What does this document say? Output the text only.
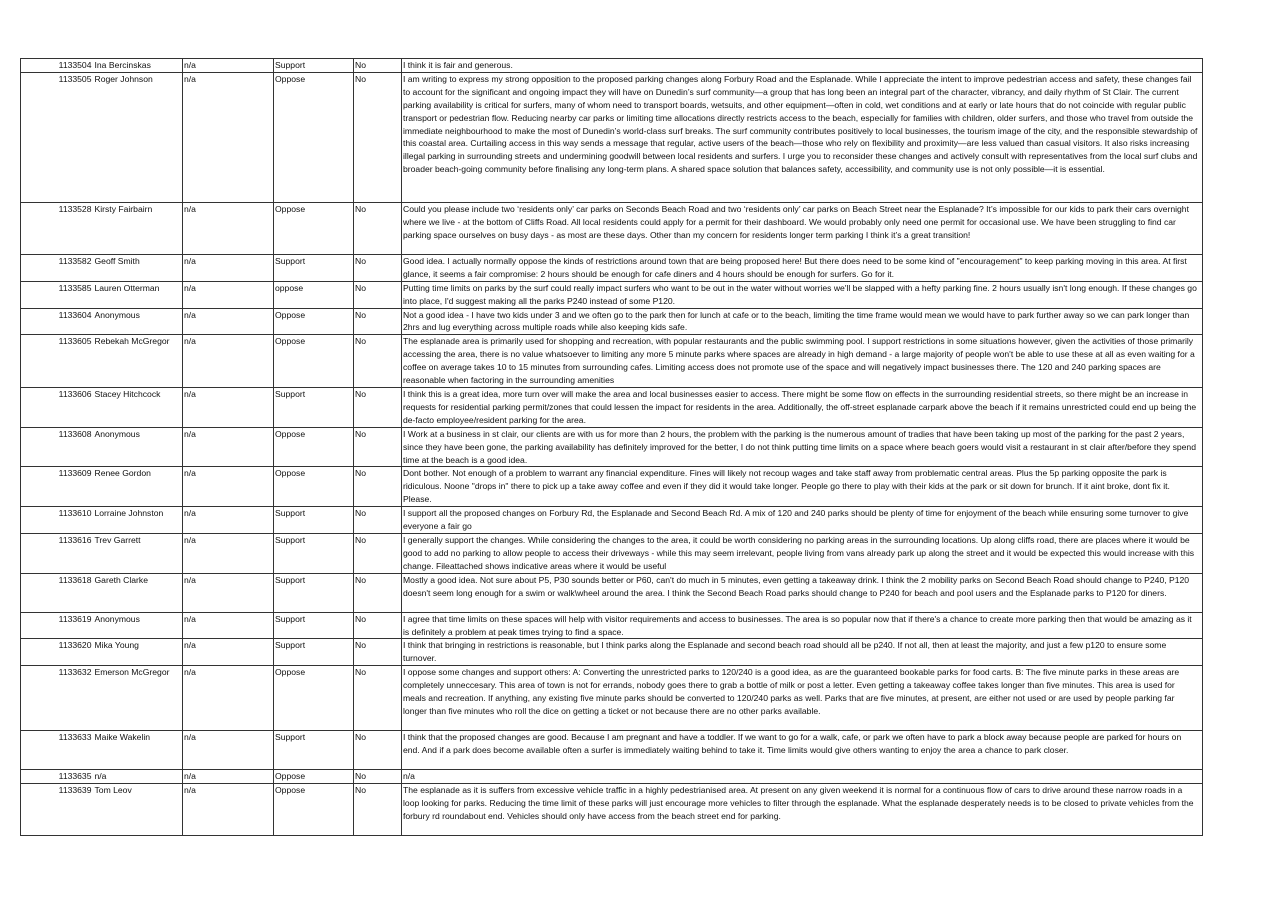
1133504	Ina Bercinskas	n/a	Support	No	I think it is fair and generous.
1133505	Roger Johnson	n/a	Oppose	No	I am writing to express my strong opposition to the proposed parking changes along Forbury Road and the Esplanade. While I appreciate the intent to improve pedestrian access and safety, these changes fail to account for the significant and ongoing impact they will have on Dunedin’s surf community—a group that has long been an integral part of the character, vibrancy, and daily rhythm of St Clair. The current parking availability is critical for surfers, many of whom need to transport boards, wetsuits, and other equipment—often in cold, wet conditions and at early or late hours that do not coincide with regular public transport or pedestrian flow. Reducing nearby car parks or limiting time allocations directly restricts access to the beach, especially for families with children, older surfers, and those who travel from outside the immediate neighbourhood to make the most of Dunedin’s world-class surf breaks. The surf community contributes positively to local businesses, the tourism image of the city, and the responsible stewardship of this coastal area. Curtailing access in this way sends a message that regular, active users of the beach—those who rely on flexibility and proximity—are less valued than casual visitors. It also risks increasing illegal parking in surrounding streets and undermining goodwill between local residents and surfers. I urge you to reconsider these changes and actively consult with representatives from the local surf clubs and broader beach-going community before finalising any long-term plans. A shared space solution that balances safety, accessibility, and community use is not only possible—it is essential.
1133528	Kirsty Fairbairn	n/a	Oppose	No	Could you please include two ‘residents only’ car parks on Seconds Beach Road and two ‘residents only’ car parks on Beach Street near the Esplanade? It’s impossible for our kids to park their cars overnight where we live - at the bottom of Cliffs Road. All local residents could apply for a permit for their dashboard. We would probably only need one permit for occasional use. We have been struggling to find car parking space ourselves on busy days - as most are these days. Other than my concern for residents longer term parking I think it’s a great transition!
1133582	Geoff Smith	n/a	Support	No	Good idea. I actually normally oppose the kinds of restrictions around town that are being proposed here! But there does need to be some kind of "encouragement" to keep parking moving in this area. At first glance, it seems a fair compromise: 2 hours should be enough for cafe diners and 4 hours should be enough for surfers. Go for it.
1133585	Lauren Otterman	n/a	oppose	No	Putting time limits on parks by the surf could really impact surfers who want to be out in the water without worries we'll be slapped with a hefty parking fine. 2 hours usually isn't long enough. If these changes go into place, I'd suggest making all the parks P240 instead of some P120.
1133604	Anonymous	n/a	Oppose	No	Not a good idea - I have two kids under 3 and we often go to the park then for lunch at cafe or to the beach, limiting the time frame would mean we would have to park further away so we can park longer than 2hrs and lug everything across multiple roads while also keeping kids safe.
1133605	Rebekah McGregor	n/a	Oppose	No	The esplanade area is primarily used for shopping and recreation, with popular restaurants and the public swimming pool. I support restrictions in some situations however, given the activities of those primarily accessing the area, there is no value whatsoever to limiting any more 5 minute parks where spaces are already in high demand - a large majority of people won't be able to use these at all as even waiting for a coffee on average takes 10 to 15 minutes from surrounding cafes. Limiting access does not promote use of the space and will negatively impact businesses there. The 120 and 240 parking spaces are reasonable when factoring in the surrounding amenities
1133606	Stacey Hitchcock	n/a	Support	No	I think this is a great idea, more turn over will make the area and local businesses easier to access. There might be some flow on effects in the surrounding residential streets, so there might be an increase in requests for residential parking permit/zones that could lessen the impact for residents in the area. Additionally, the off-street esplanade carpark above the beach if it remains unrestricted could end up being the de-facto employee/resident parking for the area.
1133608	Anonymous	n/a	Oppose	No	I Work at a business in st clair, our clients are with us for more than 2 hours, the problem with the parking is the numerous amount of tradies that have been taking up most of the parking for the past 2 years, since they have been gone, the parking availability has definitely improved for the better, I do not think putting time limits on a space where beach goers would visit a restaurant in st clair after/before they spend time at the beach is a good idea.
1133609	Renee Gordon	n/a	Oppose	No	Dont bother. Not enough of a problem to warrant any financial expenditure. Fines will likely not recoup wages and take staff away from problematic central areas. Plus the 5p parking opposite the park is ridiculous. Noone "drops in" there to pick up a take away coffee and even if they did it would take longer. People go there to play with their kids at the park or sit down for brunch. If it aint broke, dont fix it. Please.
1133610	Lorraine Johnston	n/a	Support	No	I support all the proposed changes on Forbury Rd, the Esplanade and Second Beach Rd. A mix of 120 and 240 parks should be plenty of time for enjoyment of the beach while ensuring some turnover to give everyone a fair go
1133616	Trev Garrett	n/a	Support	No	I generally support the changes. While considering the changes to the area, it could be worth considering no parking areas in the surrounding locations. Up along cliffs road, there are places where it would be good to add no parking to allow people to access their driveways - while this may seem irrelevant, people living from vans already park up along the street and it would be expected this would increase with this change. Fileattached shows indicative areas where it would be useful
1133618	Gareth Clarke	n/a	Support	No	Mostly a good idea. Not sure about P5, P30 sounds better or P60, can't do much in 5 minutes, even getting a takeaway drink. I think the 2 mobility parks on Second Beach Road should change to P240, P120 doesn't seem long enough for a swim or walk\wheel around the area. I think the Second Beach Road parks should change to P240 for beach and pool users and the Esplanade parks to P120 for diners.
1133619	Anonymous	n/a	Support	No	I agree that time limits on these spaces will help with visitor requirements and access to businesses. The area is so popular now that if there's a chance to create more parking then that would be amazing as it is definitely a problem at peak times trying to find a space.
1133620	Mika Young	n/a	Support	No	I think that bringing in restrictions is reasonable, but I think parks along the Esplanade and second beach road should all be p240. If not all, then at least the majority, and just a few p120 to ensure some turnover.
1133632	Emerson McGregor	n/a	Oppose	No	I oppose some changes and support others: A: Converting the unrestricted parks to 120/240 is a good idea, as are the guaranteed bookable parks for food carts. B: The five minute parks in these areas are completely unneccesary. This area of town is not for errands, nobody goes there to grab a bottle of milk or post a letter. Even getting a takeaway coffee takes longer than five minutes. This area is used for meals and recreation. If anything, any existing five minute parks should be converted to 120/240 parks as well. Parks that are five minutes, at present, are either not used or are used by people parking far longer than five minutes who roll the dice on getting a ticket or not because there are no other parks available.
1133633	Maike Wakelin	n/a	Support	No	I think that the proposed changes are good. Because I am pregnant and have a toddler. If we want to go for a walk, cafe, or park we often have to park a block away because people are parked for hours on end. And if a park does become available often a surfer is immediately waiting behind to take it. Time limits would give others wanting to enjoy the area a chance to park closer.
1133635	n/a	n/a	Oppose	No	n/a
1133639	Tom Leov	n/a	Oppose	No	The esplanade as it is suffers from excessive vehicle traffic in a highly pedestrianised area. At present on any given weekend it is normal for a continuous flow of cars to drive around these narrow roads in a loop looking for parks. Reducing the time limit of these parks will just encourage more vehicles to filter through the esplanade. What the esplanade desperately needs is to be closed to private vehicles from the forbury rd roundabout end. Vehicles should only have access from the beach street end for parking.
